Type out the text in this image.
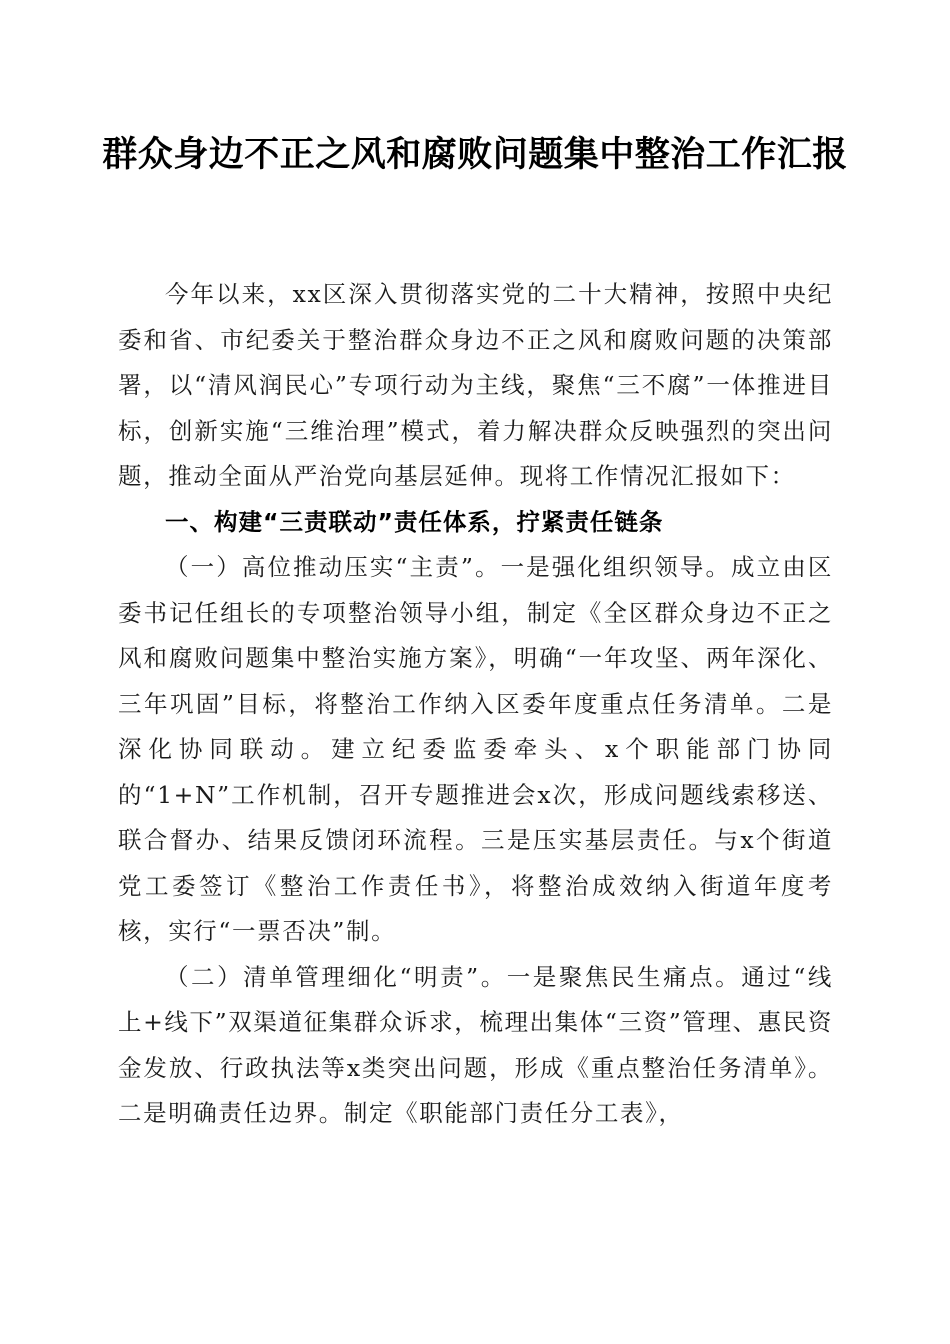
群众身边不正之风和腐败问题集中整治工作汇报

今年以来，xx区深入贯彻落实党的二十大精神，按照中央纪委和省、市纪委关于整治群众身边不正之风和腐败问题的决策部署，以“清风润民心”专项行动为主线，聚焦“三不腐”一体推进目标，创新实施“三维治理”模式，着力解决群众反映强烈的突出问题，推动全面从严治党向基层延伸。现将工作情况汇报如下：

一、构建“三责联动”责任体系，拧紧责任链条

（一）高位推动压实“主责”。一是强化组织领导。成立由区委书记任组长的专项整治领导小组，制定《全区群众身边不正之风和腐败问题集中整治实施方案》，明确“一年攻坚、两年深化、三年巩固”目标，将整治工作纳入区委年度重点任务清单。二是深化协同联动。建立纪委监委牵头、x个职能部门协同的“1+N”工作机制，召开专题推进会x次，形成问题线索移送、联合督办、结果反馈闭环流程。三是压实基层责任。与x个街道党工委签订《整治工作责任书》，将整治成效纳入街道年度考核，实行“一票否决”制。

（二）清单管理细化“明责”。一是聚焦民生痛点。通过“线上+线下”双渠道征集群众诉求，梳理出集体“三资”管理、惠民资金发放、行政执法等x类突出问题，形成《重点整治任务清单》。二是明确责任边界。制定《职能部门责任分工表》，
